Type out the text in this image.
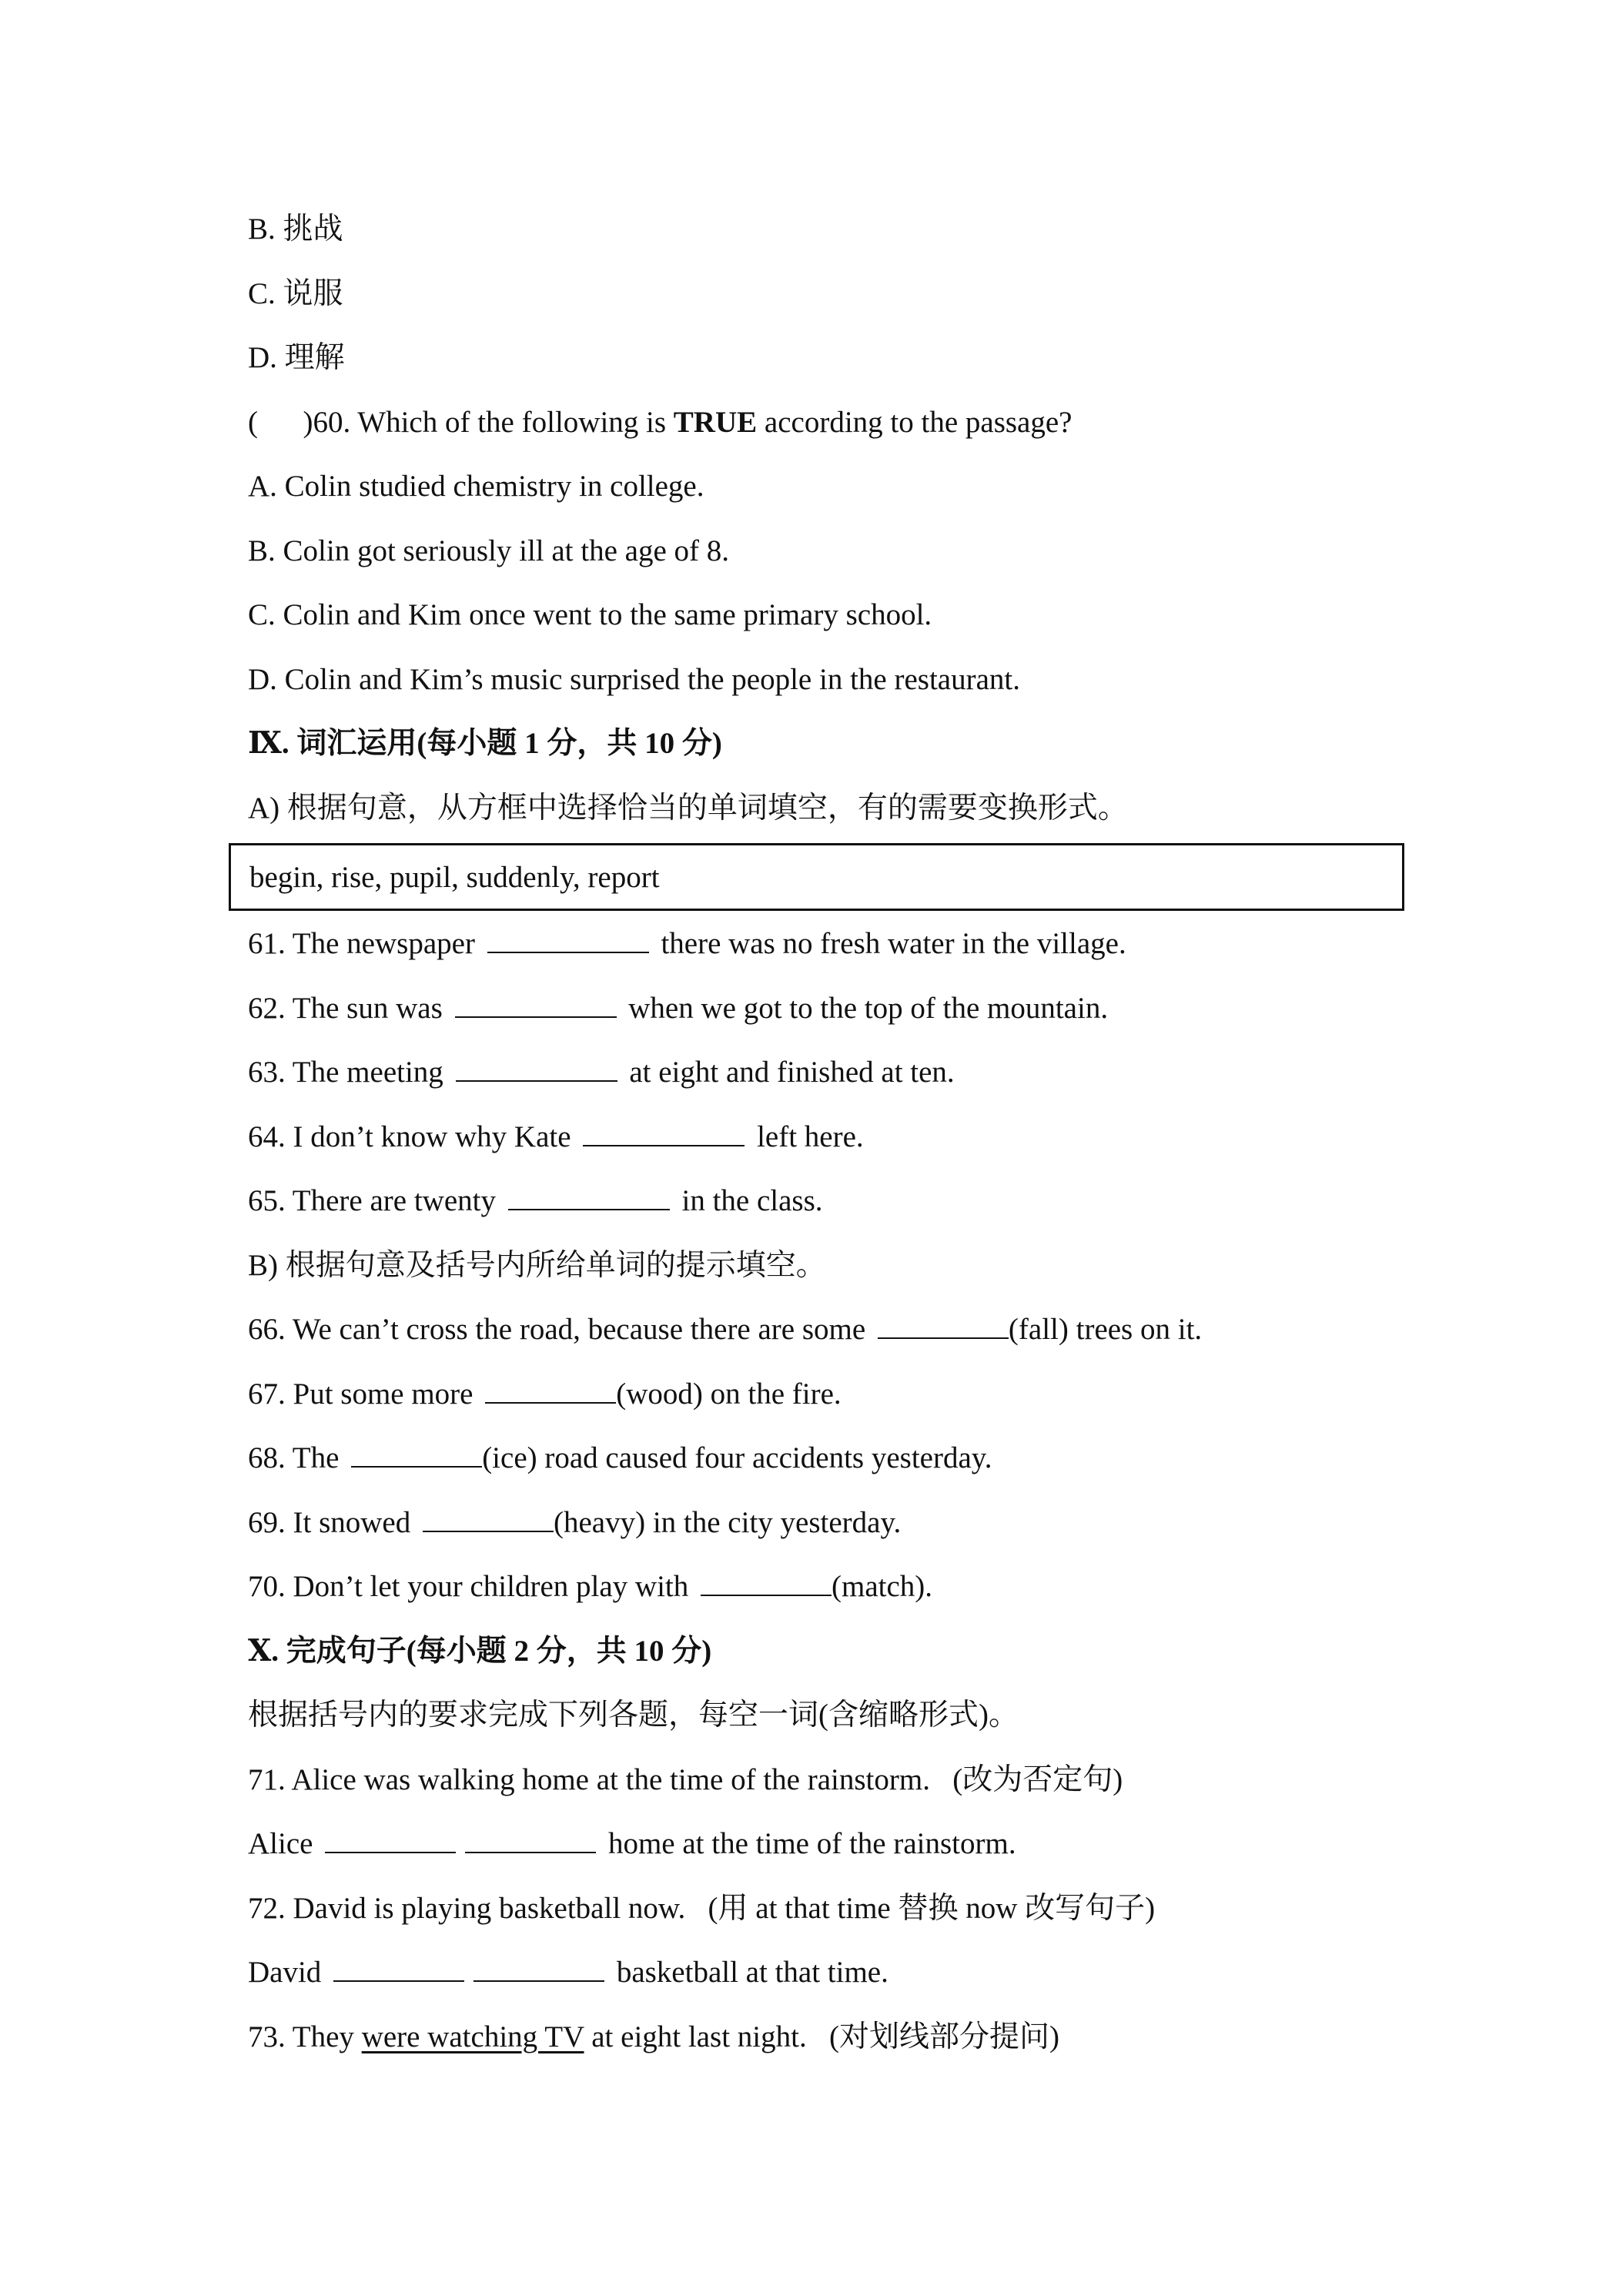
B. 挑战
C. 说服
D. 理解
(      )60. Which of the following is TRUE according to the passage?
A. Colin studied chemistry in college.
B. Colin got seriously ill at the age of 8.
C. Colin and Kim once went to the same primary school.
D. Colin and Kim’s music surprised the people in the restaurant.
Ⅸ. 词汇运用(每小题 1 分，共 10 分)
A) 根据句意，从方框中选择恰当的单词填空，有的需要变换形式。
begin, rise, pupil, suddenly, report
61. The newspaper	there was no fresh water in the village.
62. The sun was	when we got to the top of the mountain.
63. The meeting	at eight and finished at ten.
64. I don’t know why Kate	left here.
65. There are twenty	in the class.
B) 根据句意及括号内所给单词的提示填空。
66. We can’t cross the road, because there are some	(fall) trees on it.
67. Put some more	(wood) on the fire.
68. The	(ice) road caused four accidents yesterday.
69. It snowed	(heavy) in the city yesterday.
70. Don’t let your children play with	(match).
Ⅹ. 完成句子(每小题 2 分，共 10 分)
根据括号内的要求完成下列各题，每空一词(含缩略形式)。
71. Alice was walking home at the time of the rainstorm.   (改为否定句)
Alice	home at the time of the rainstorm.
72. David is playing basketball now.   (用 at that time 替换 now 改写句子)
David	basketball at that time.
73. They were watching TV at eight last night.   (对划线部分提问)
